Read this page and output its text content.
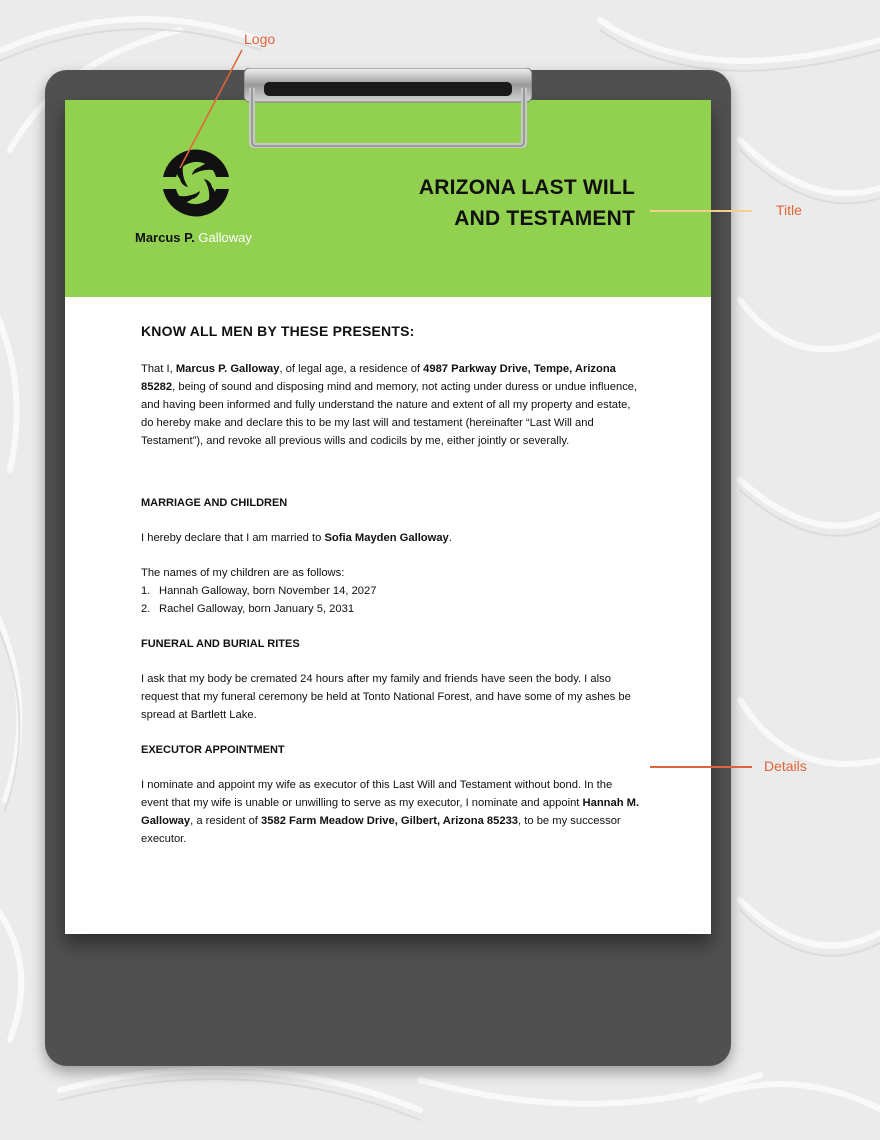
Marcus P. Galloway
ARIZONA LAST WILL
AND TESTAMENT

KNOW ALL MEN BY THESE PRESENTS:

That I, Marcus P. Galloway, of legal age, a residence of 4987 Parkway Drive, Tempe, Arizona 85282, being of sound and disposing mind and memory, not acting under duress or undue influence, and having been informed and fully understand the nature and extent of all my property and estate, do hereby make and declare this to be my last will and testament (hereinafter “Last Will and Testament”), and revoke all previous wills and codicils by me, either jointly or severally.

MARRIAGE AND CHILDREN

I hereby declare that I am married to Sofia Mayden Galloway.

The names of my children are as follows:

1. Hannah Galloway, born November 14, 2027
2. Rachel Galloway, born January 5, 2031

FUNERAL AND BURIAL RITES

I ask that my body be cremated 24 hours after my family and friends have seen the body. I also request that my funeral ceremony be held at Tonto National Forest, and have some of my ashes be spread at Bartlett Lake.

EXECUTOR APPOINTMENT

I nominate and appoint my wife as executor of this Last Will and Testament without bond. In the event that my wife is unable or unwilling to serve as my executor, I nominate and appoint Hannah M. Galloway, a resident of 3582 Farm Meadow Drive, Gilbert, Arizona 85233, to be my successor executor.

Logo
Title
Details
